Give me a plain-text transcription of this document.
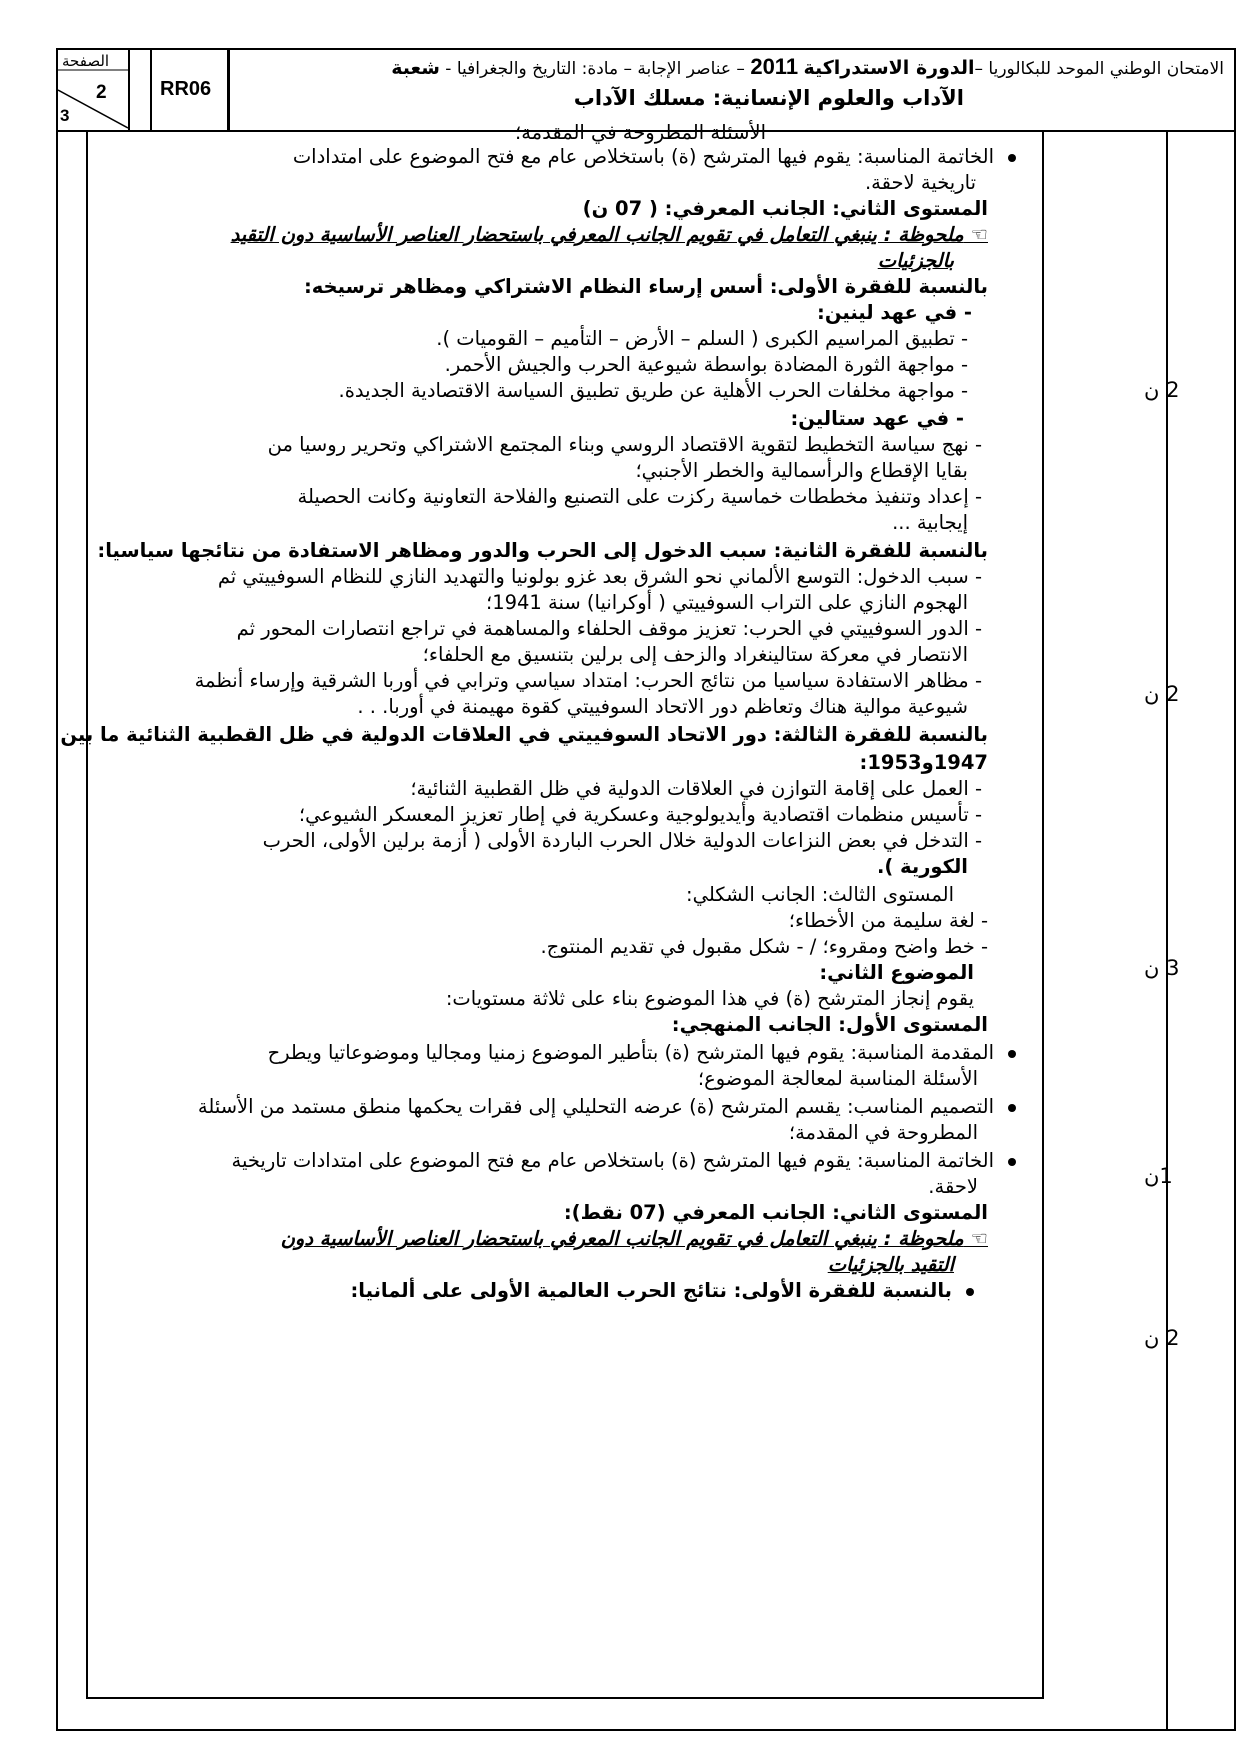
الصفحة
2
3
RR06
الامتحان الوطني الموحد للبكالوريا –الدورة الاستدراكية 2011 – عناصر الإجابة – مادة: التاريخ والجغرافيا - شعبة
الآداب والعلوم الإنسانية: مسلك الآداب
2 ن
2 ن
3 ن
1ن
2 ن
الأسئلة المطروحة في المقدمة؛
الخاتمة المناسبة: يقوم فيها المترشح (ة) باستخلاص عام مع فتح الموضوع على امتدادات
تاريخية لاحقة.
المستوى الثاني: الجانب المعرفي: ( 07 ن)
☜ ملحوظة : ينبغي التعامل في تقويم الجانب المعرفي باستحضار العناصر الأساسية دون التقيد
بالجزئيات
بالنسبة للفقرة الأولى: أسس إرساء النظام الاشتراكي ومظاهر ترسيخه:
- في عهد لينين:
- تطبيق المراسيم الكبرى ( السلم – الأرض – التأميم – القوميات ).
- مواجهة الثورة المضادة بواسطة شيوعية الحرب والجيش الأحمر.
- مواجهة مخلفات الحرب الأهلية عن طريق تطبيق السياسة الاقتصادية الجديدة.
- في عهد ستالين:
- نهج سياسة التخطيط لتقوية الاقتصاد الروسي وبناء المجتمع الاشتراكي وتحرير روسيا من
بقايا الإقطاع والرأسمالية والخطر الأجنبي؛
- إعداد وتنفيذ مخططات خماسية ركزت على التصنيع والفلاحة التعاونية وكانت الحصيلة
إيجابية ...
بالنسبة للفقرة الثانية: سبب الدخول إلى الحرب والدور ومظاهر الاستفادة من نتائجها سياسيا:
- سبب الدخول: التوسع الألماني نحو الشرق بعد غزو بولونيا والتهديد النازي للنظام السوفييتي ثم
الهجوم النازي على التراب السوفييتي ( أوكرانيا) سنة 1941؛
- الدور السوفييتي في الحرب: تعزيز موقف الحلفاء والمساهمة في تراجع انتصارات المحور ثم
الانتصار في معركة ستالينغراد والزحف إلى برلين بتنسيق مع الحلفاء؛
- مظاهر الاستفادة سياسيا من نتائج الحرب: امتداد سياسي وترابي في أوربا الشرقية وإرساء أنظمة
شيوعية موالية هناك وتعاظم دور الاتحاد السوفييتي كقوة مهيمنة في أوربا. . .
بالنسبة للفقرة الثالثة: دور الاتحاد السوفييتي في العلاقات الدولية في ظل القطبية الثنائية ما بين
1947و1953:
- العمل على إقامة التوازن في العلاقات الدولية في ظل القطبية الثنائية؛
- تأسيس منظمات اقتصادية وأيديولوجية وعسكرية في إطار تعزيز المعسكر الشيوعي؛
- التدخل في بعض النزاعات الدولية خلال الحرب الباردة الأولى ( أزمة برلين الأولى، الحرب
الكورية ).
المستوى الثالث: الجانب الشكلي:
- لغة سليمة من الأخطاء؛
- خط واضح ومقروء؛ / - شكل مقبول في تقديم المنتوج.
الموضوع الثاني:
يقوم إنجاز المترشح (ة) في هذا الموضوع بناء على ثلاثة مستويات:
المستوى الأول: الجانب المنهجي:
المقدمة المناسبة: يقوم فيها المترشح (ة) بتأطير الموضوع زمنيا ومجاليا وموضوعاتيا ويطرح
الأسئلة المناسبة لمعالجة الموضوع؛
التصميم المناسب: يقسم المترشح (ة) عرضه التحليلي إلى فقرات يحكمها منطق مستمد من الأسئلة
المطروحة في المقدمة؛
الخاتمة المناسبة: يقوم فيها المترشح (ة) باستخلاص عام مع فتح الموضوع على امتدادات تاريخية
لاحقة.
المستوى الثاني: الجانب المعرفي (07 نقط):
☜ ملحوظة : ينبغي التعامل في تقويم الجانب المعرفي باستحضار العناصر الأساسية دون
التقيد بالجزئيات
بالنسبة للفقرة الأولى: نتائج الحرب العالمية الأولى على ألمانيا:
